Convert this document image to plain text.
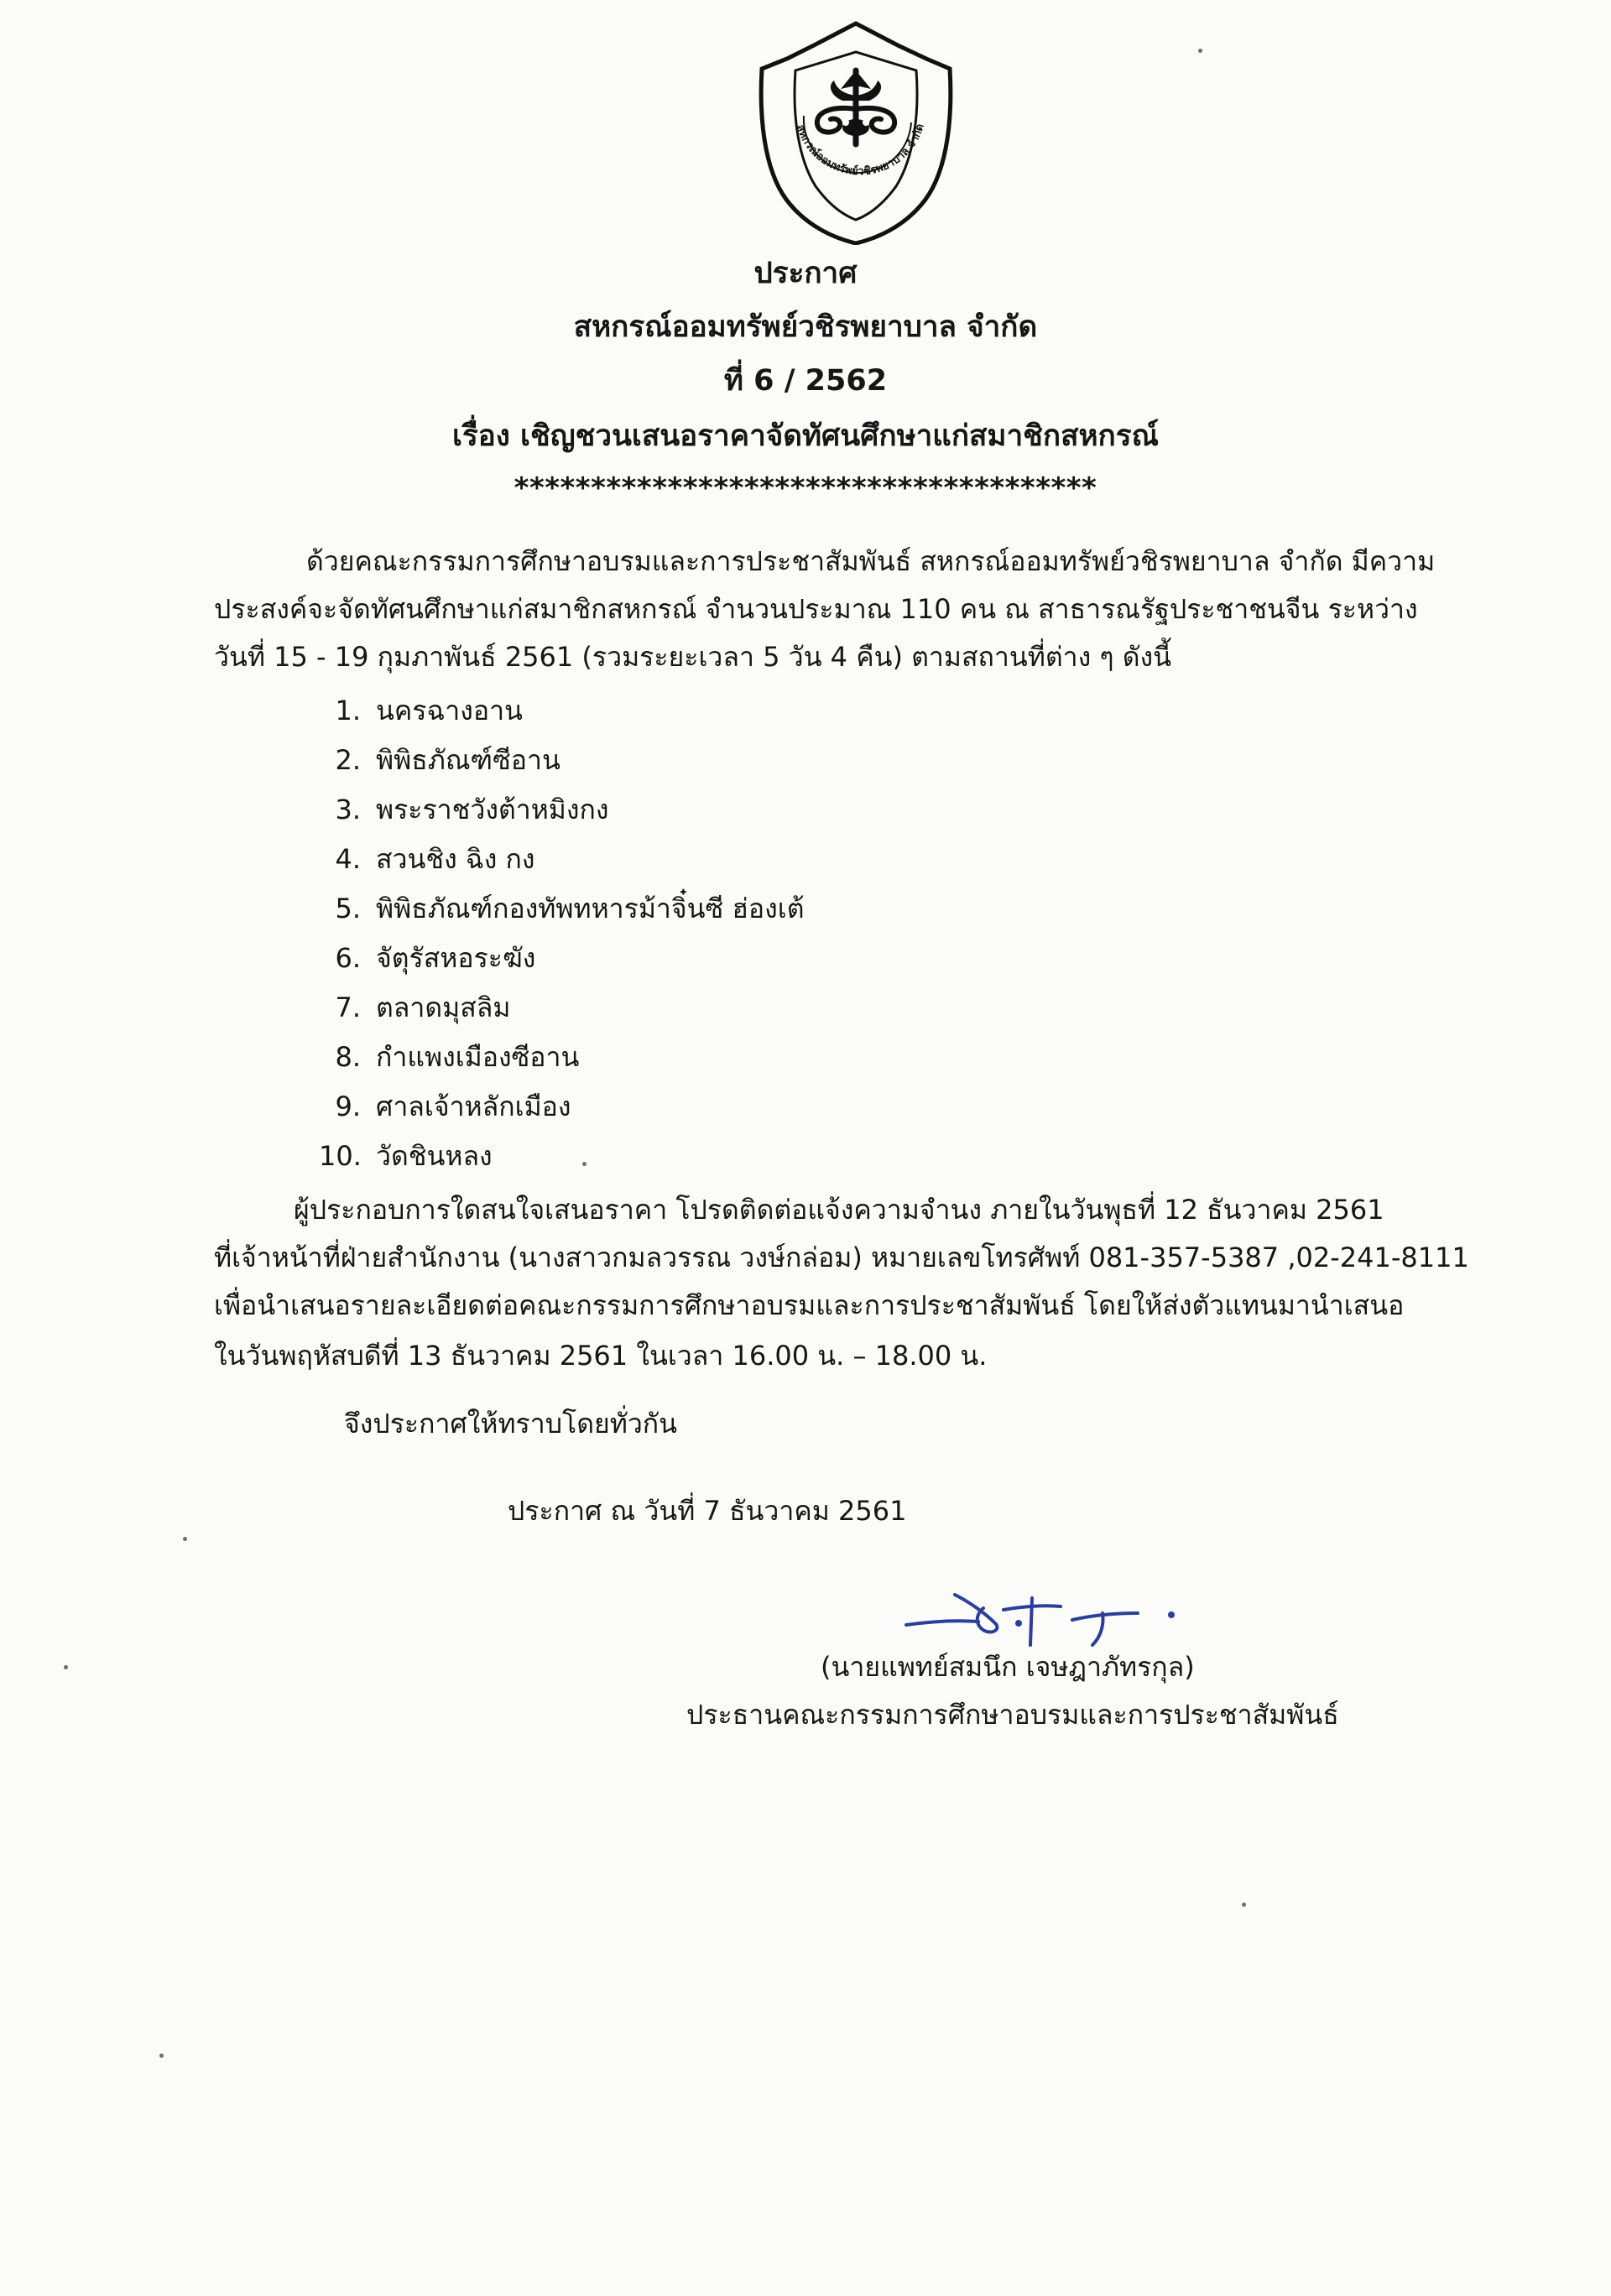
สหกรณ์ออมทรัพย์วชิรพยาบาล จำกัด

ประกาศ

สหกรณ์ออมทรัพย์วชิรพยาบาล จำกัด

ที่ 6 / 2562

เรื่อง เชิญชวนเสนอราคาจัดทัศนศึกษาแก่สมาชิกสหกรณ์

**************************************

ด้วยคณะกรรมการศึกษาอบรมและการประชาสัมพันธ์ สหกรณ์ออมทรัพย์วชิรพยาบาล จำกัด มีความ

ประสงค์จะจัดทัศนศึกษาแก่สมาชิกสหกรณ์ จำนวนประมาณ 110 คน ณ สาธารณรัฐประชาชนจีน ระหว่าง

วันที่ 15 - 19 กุมภาพันธ์ 2561 (รวมระยะเวลา 5 วัน 4 คืน) ตามสถานที่ต่าง ๆ ดังนี้

1. นครฉางอาน
2. พิพิธภัณฑ์ซีอาน
3. พระราชวังต้าหมิงกง
4. สวนชิง ฉิง กง
5. พิพิธภัณฑ์กองทัพทหารม้าจิ๋นซี ฮ่องเต้
6. จัตุรัสหอระฆัง
7. ตลาดมุสลิม
8. กำแพงเมืองซีอาน
9. ศาลเจ้าหลักเมือง
10. วัดชินหลง

ผู้ประกอบการใดสนใจเสนอราคา โปรดติดต่อแจ้งความจำนง ภายในวันพุธที่ 12 ธันวาคม 2561

ที่เจ้าหน้าที่ฝ่ายสำนักงาน (นางสาวกมลวรรณ วงษ์กล่อม) หมายเลขโทรศัพท์ 081-357-5387 ,02-241-8111

เพื่อนำเสนอรายละเอียดต่อคณะกรรมการศึกษาอบรมและการประชาสัมพันธ์ โดยให้ส่งตัวแทนมานำเสนอ

ในวันพฤหัสบดีที่ 13 ธันวาคม 2561 ในเวลา 16.00 น. – 18.00 น.

จึงประกาศให้ทราบโดยทั่วกัน

ประกาศ ณ วันที่ 7 ธันวาคม 2561

(นายแพทย์สมนึก เจษฎาภัทรกุล)

ประธานคณะกรรมการศึกษาอบรมและการประชาสัมพันธ์
